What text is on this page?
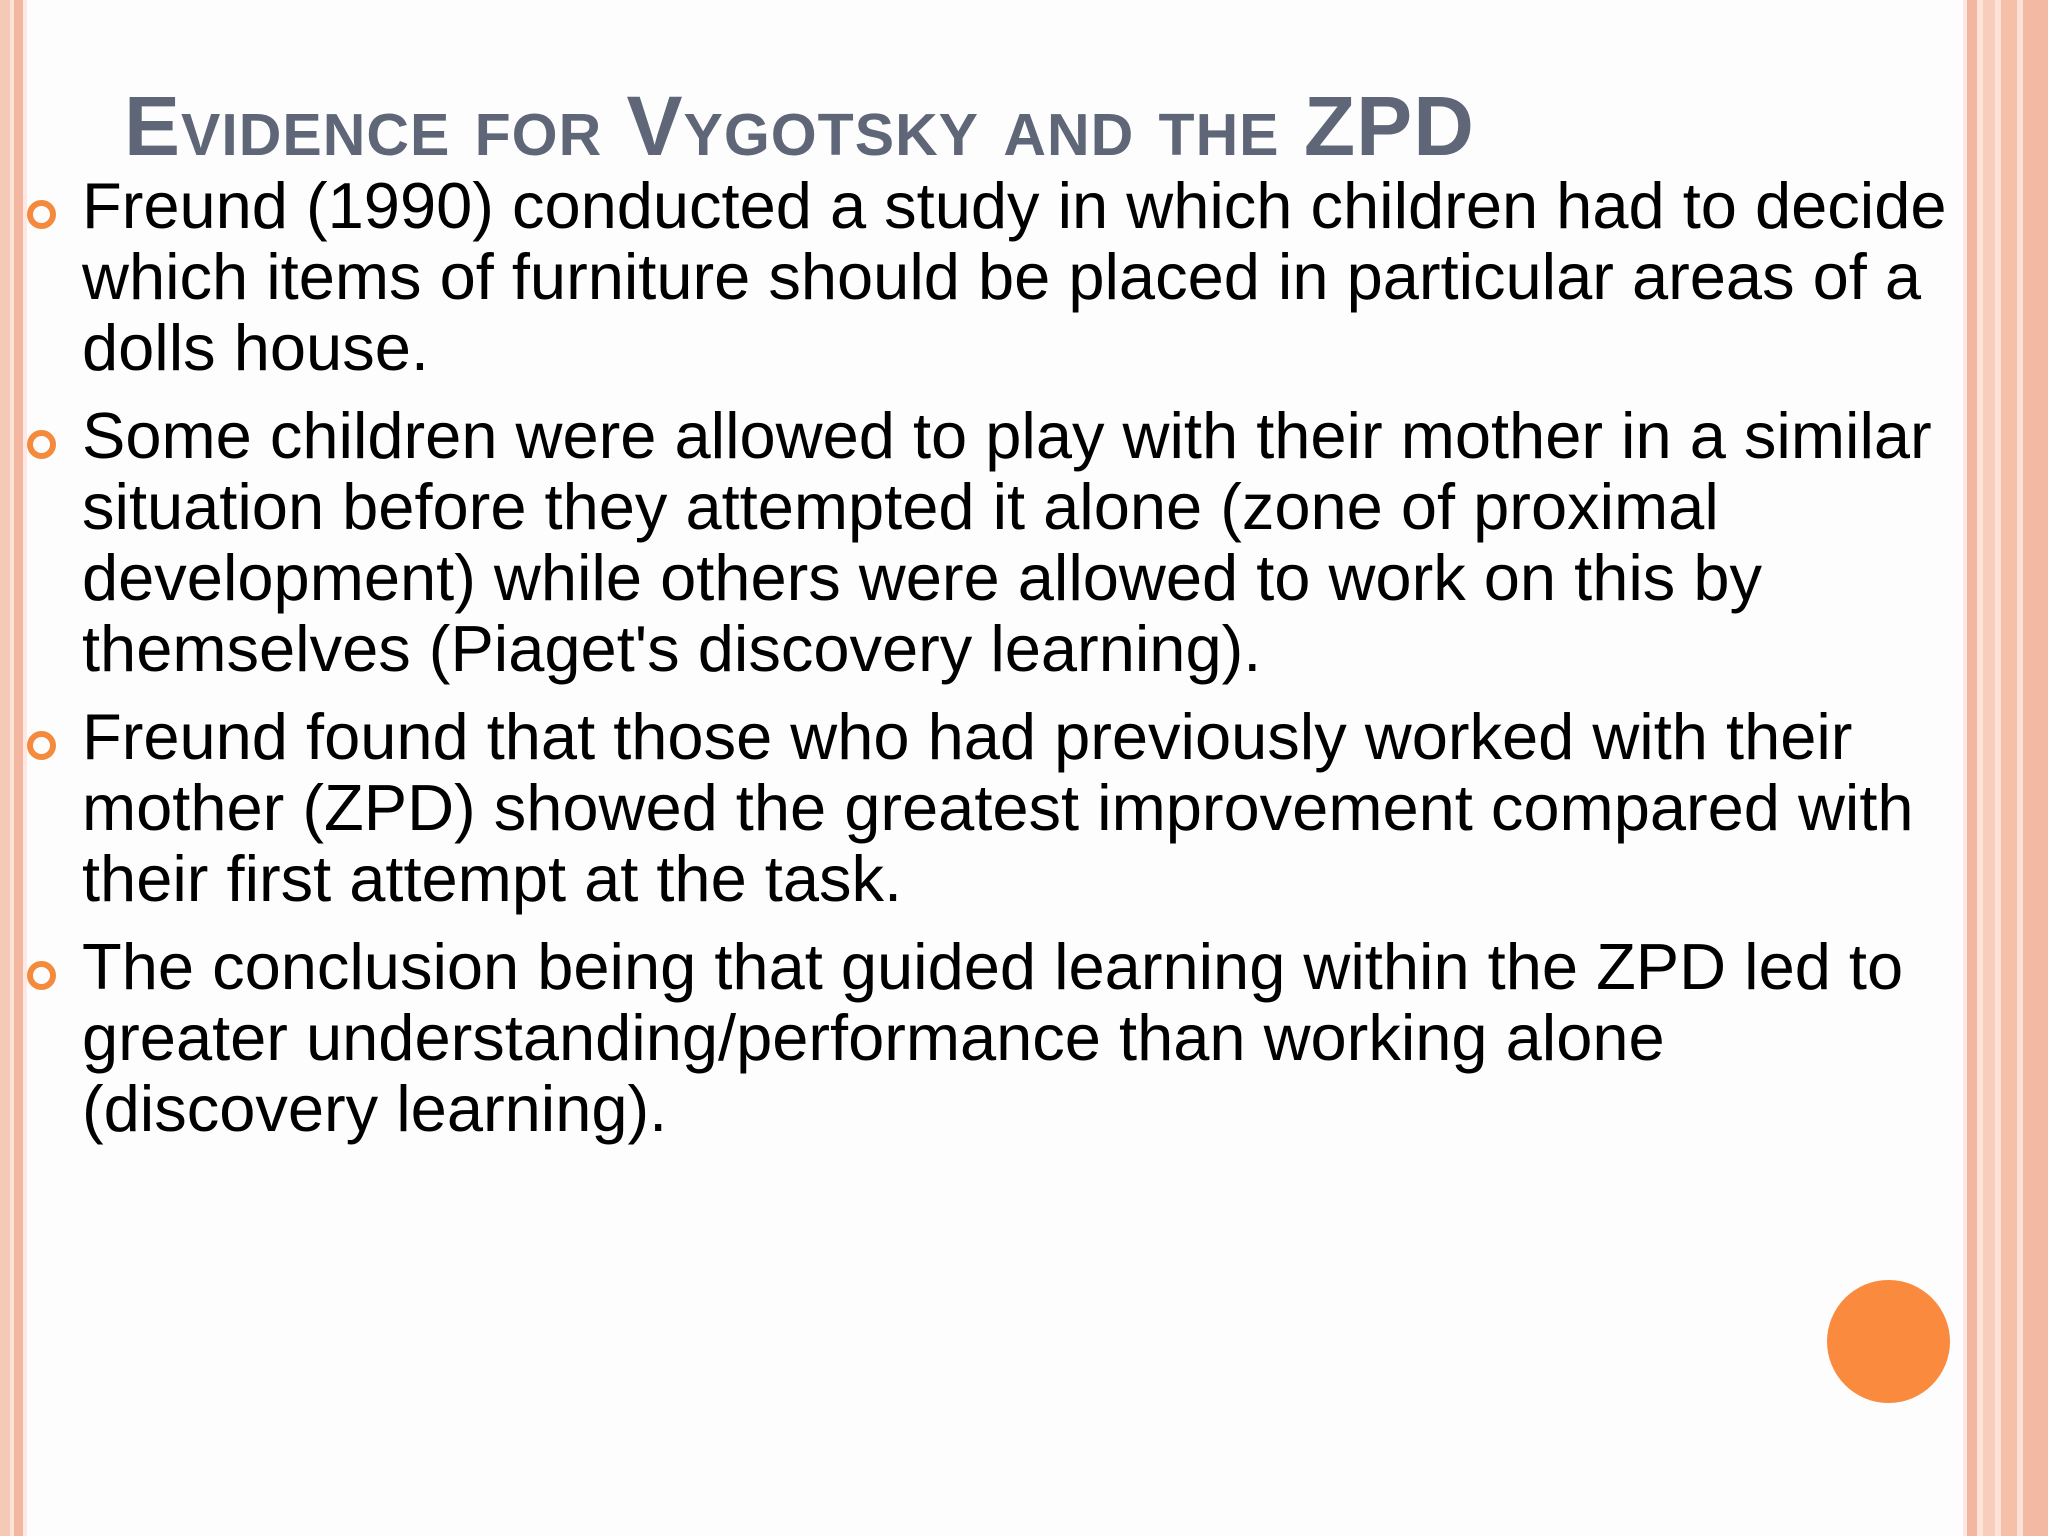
Evidence for Vygotsky and the ZPD
Freund (1990) conducted a study in which children had to decide which items of furniture should be placed in particular areas of a dolls house.
Some children were allowed to play with their mother in a similar situation before they attempted it alone (zone of proximal development) while others were allowed to work on this by themselves (Piaget's discovery learning).
Freund found that those who had previously worked with their mother (ZPD) showed the greatest improvement compared with their first attempt at the task.
The conclusion being that guided learning within the ZPD led to greater understanding/performance than working alone (discovery learning).
